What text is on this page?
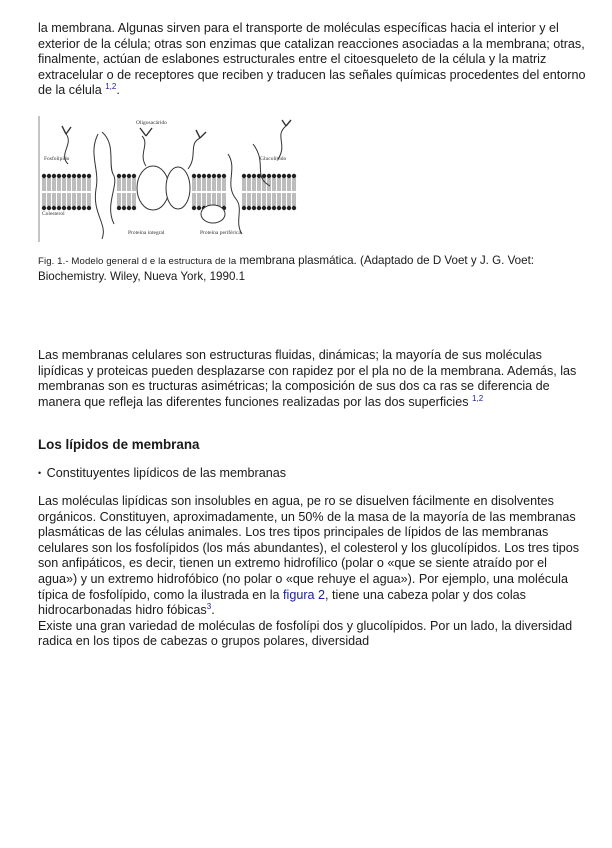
la membrana. Algunas sirven para el transporte de moléculas específicas hacia el interior y el exterior de la célula; otras son enzimas que catalizan reacciones asociadas a la membrana; otras, finalmente, actúan de eslabones estructurales entre el citoesqueleto de la célula y la matriz extracelular o de receptores que reciben y traducen las señales químicas procedentes del entorno de la célula $^{1,2}$.

Oligosacárido
Fosfolípido	Glucolípido
Colesterol
Proteína integral	Proteína periférica
Fig. 1.- Modelo general d e la estructura de la membrana plasmática. (Adaptado de D Voet y J. G. Voet: Biochemistry. Wiley, Nueva York, 1990.1

Las membranas celulares son estructuras fluidas, dinámicas; la mayoría de sus moléculas lipídicas y proteicas pueden desplazarse con rapidez por el pla no de la membrana. Además, las membranas son es tructuras asimétricas; la composición de sus dos ca ras se diferencia de manera que refleja las diferentes funciones realizadas por las dos superficies $^{1,2}$

Los lípidos de membrana
• Constituyentes lipídicos de las membranas

Las moléculas lipídicas son insolubles en agua, pe ro se disuelven fácilmente en disolventes orgánicos. Constituyen, aproximadamente, un 50% de la masa de la mayoría de las membranas plasmáticas de las células animales. Los tres tipos principales de lípidos de las membranas celulares son los fosfolípidos (los más abundantes), el colesterol y los glucolípidos. Los tres tipos son anfipáticos, es decir, tienen un extremo hidrofílico (polar o «que se siente atraído por el agua») y un extremo hidrofóbico (no polar o «que rehuye el agua»). Por ejemplo, una molécula típica de fosfolípido, como la ilustrada en la figura 2, tiene una cabeza polar y dos colas hidrocarbonadas hidro fóbicas$^3$.
Existe una gran variedad de moléculas de fosfolípi dos y glucolípidos. Por un lado, la diversidad radica en los tipos de cabezas o grupos polares, diversidad
